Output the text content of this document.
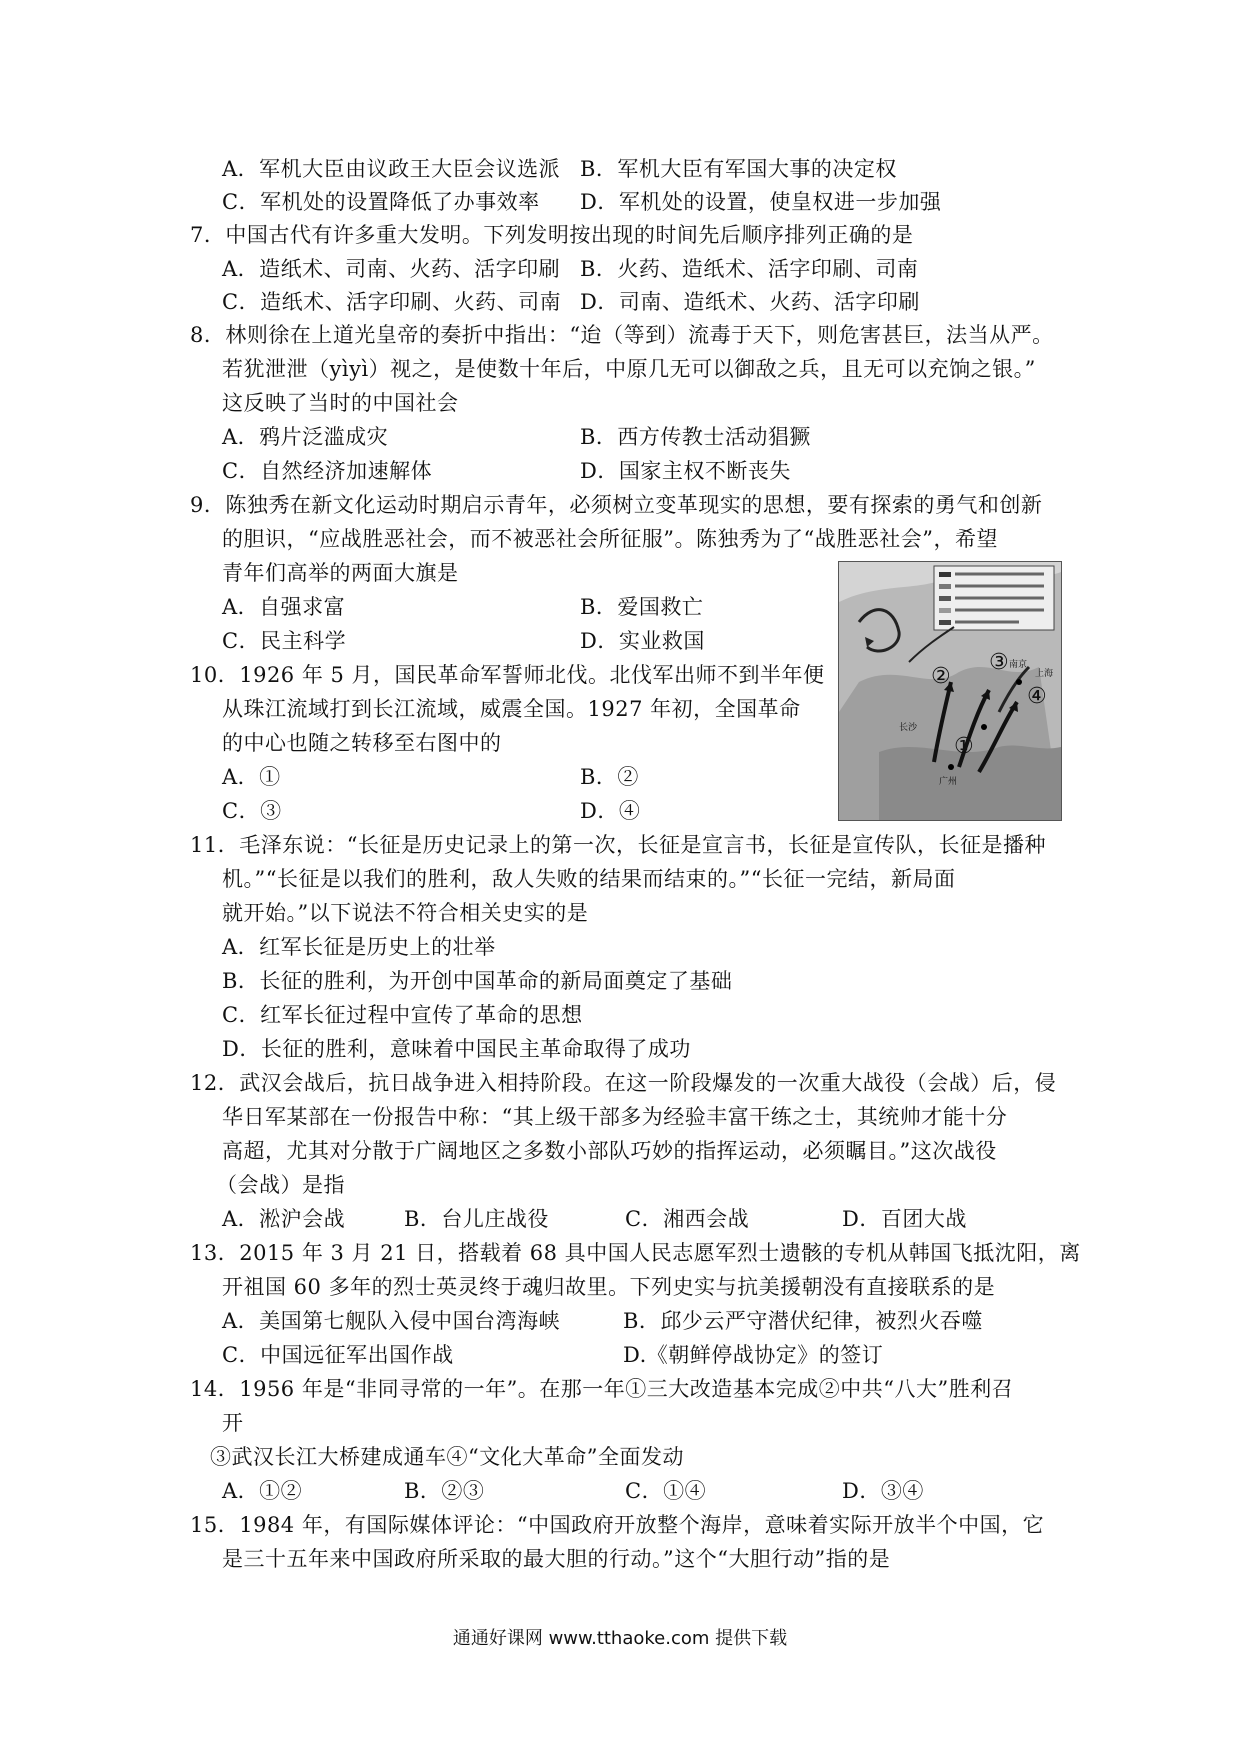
A．军机大臣由议政王大臣会议选派 B．军机大臣有军国大事的决定权
C．军机处的设置降低了办事效率 D．军机处的设置，使皇权进一步加强
7．中国古代有许多重大发明。下列发明按出现的时间先后顺序排列正确的是
A．造纸术、司南、火药、活字印刷 B．火药、造纸术、活字印刷、司南
C．造纸术、活字印刷、火药、司南 D．司南、造纸术、火药、活字印刷
8．林则徐在上道光皇帝的奏折中指出：“迨（等到）流毒于天下，则危害甚巨，法当从严。
若犹泄泄（yìyì）视之，是使数十年后，中原几无可以御敌之兵，且无可以充饷之银。”
这反映了当时的中国社会
A．鸦片泛滥成灾	B．西方传教士活动猖獗
C．自然经济加速解体	D．国家主权不断丧失
9．陈独秀在新文化运动时期启示青年，必须树立变革现实的思想，要有探索的勇气和创新
的胆识，“应战胜恶社会，而不被恶社会所征服”。陈独秀为了“战胜恶社会”，希望
青年们高举的两面大旗是
A．自强求富	B．爱国救亡
C．民主科学	D．实业救国
10．1926 年 5 月，国民革命军誓师北伐。北伐军出师不到半年便
从珠江流域打到长江流域，威震全国。1927 年初，全国革命
的中心也随之转移至右图中的
A．①	B．②
C．③	D．④
②
①
③
④
长沙
广州
上海
南京
11．毛泽东说：“长征是历史记录上的第一次，长征是宣言书，长征是宣传队，长征是播种
机。”“长征是以我们的胜利，敌人失败的结果而结束的。”“长征一完结，新局面
就开始。”以下说法不符合相关史实的是
A．红军长征是历史上的壮举
B．长征的胜利，为开创中国革命的新局面奠定了基础
C．红军长征过程中宣传了革命的思想
D．长征的胜利，意味着中国民主革命取得了成功
12．武汉会战后，抗日战争进入相持阶段。在这一阶段爆发的一次重大战役（会战）后，侵
华日军某部在一份报告中称：“其上级干部多为经验丰富干练之士，其统帅才能十分
高超，尤其对分散于广阔地区之多数小部队巧妙的指挥运动，必须瞩目。”这次战役
（会战）是指
A．淞沪会战	B．台儿庄战役	C．湘西会战	D．百团大战
13．2015 年 3 月 21 日，搭载着 68 具中国人民志愿军烈士遗骸的专机从韩国飞抵沈阳，离
开祖国 60 多年的烈士英灵终于魂归故里。下列史实与抗美援朝没有直接联系的是
A．美国第七舰队入侵中国台湾海峡	B．邱少云严守潜伏纪律，被烈火吞噬
C．中国远征军出国作战	D.《朝鲜停战协定》的签订
14．1956 年是“非同寻常的一年”。在那一年①三大改造基本完成②中共“八大”胜利召
开
③武汉长江大桥建成通车④“文化大革命”全面发动
A．①②	B．②③	C．①④	D．③④
15．1984 年，有国际媒体评论：“中国政府开放整个海岸，意味着实际开放半个中国，它
是三十五年来中国政府所采取的最大胆的行动。”这个“大胆行动”指的是
通通好课网 www.tthaoke.com 提供下载
